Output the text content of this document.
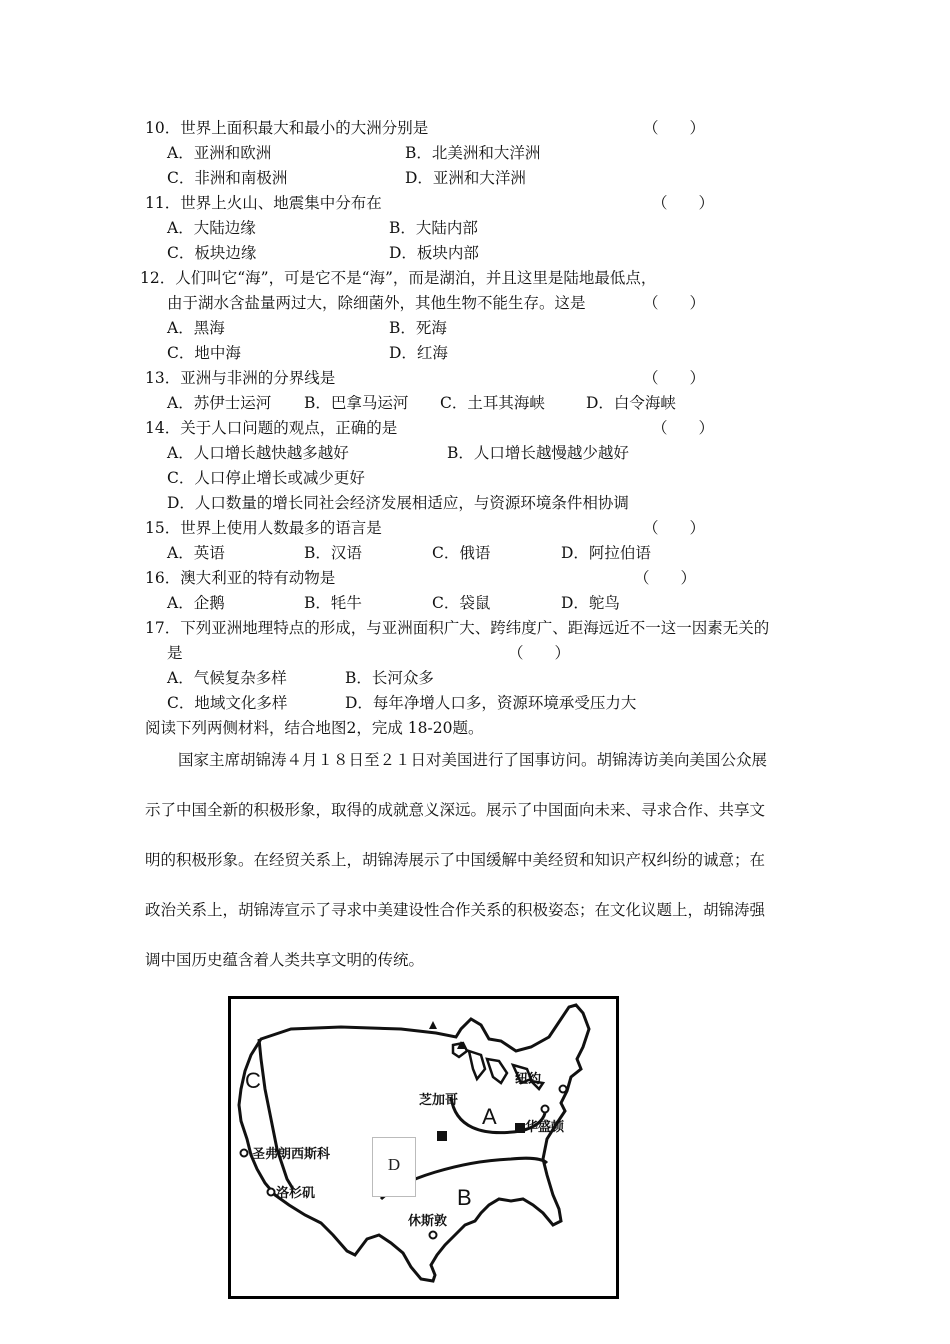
10．世界上面积最大和最小的大洲分别是	（　　）
A．亚洲和欧洲	B．北美洲和大洋洲
C．非洲和南极洲	D．亚洲和大洋洲
11．世界上火山、地震集中分布在	（　　）
A．大陆边缘	B．大陆内部
C．板块边缘	D．板块内部
12．人们叫它“海”，可是它不是“海”，而是湖泊，并且这里是陆地最低点，
由于湖水含盐量两过大，除细菌外，其他生物不能生存。这是	（　　）
A．黑海	B．死海
C．地中海	D．红海
13．亚洲与非洲的分界线是	（　　）
A．苏伊士运河 B．巴拿马运河 C．土耳其海峡	D．白令海峡
14．关于人口问题的观点，正确的是	（　　）
A．人口增长越快越多越好	B．人口增长越慢越少越好
C．人口停止增长或减少更好
D．人口数量的增长同社会经济发展相适应，与资源环境条件相协调
15．世界上使用人数最多的语言是	（　　）
A．英语	B．汉语	C．俄语	D．阿拉伯语
16．澳大利亚的特有动物是	（　　）
A．企鹅	B．牦牛	C．袋鼠	D．鸵鸟
17．下列亚洲地理特点的形成，与亚洲面积广大、跨纬度广、距海远近不一这一因素无关的
是	（　　）
A．气候复杂多样	B．长河众多
C．地域文化多样	D．每年净增人口多，资源环境承受压力大
阅读下列两侧材料，结合地图2，完成 18-20题。
国家主席胡锦涛４月１８日至２１日对美国进行了国事访问。胡锦涛访美向美国公众展
示了中国全新的积极形象，取得的成就意义深远。展示了中国面向未来、寻求合作、共享文
明的积极形象。在经贸关系上，胡锦涛展示了中国缓解中美经贸和知识产权纠纷的诚意；在
政治关系上，胡锦涛宣示了寻求中美建设性合作关系的积极姿态；在文化议题上，胡锦涛强
调中国历史蕴含着人类共享文明的传统。
C
A
B
D
纽约
芝加哥
华盛顿
圣弗朗西斯科
洛杉矶
休斯敦
